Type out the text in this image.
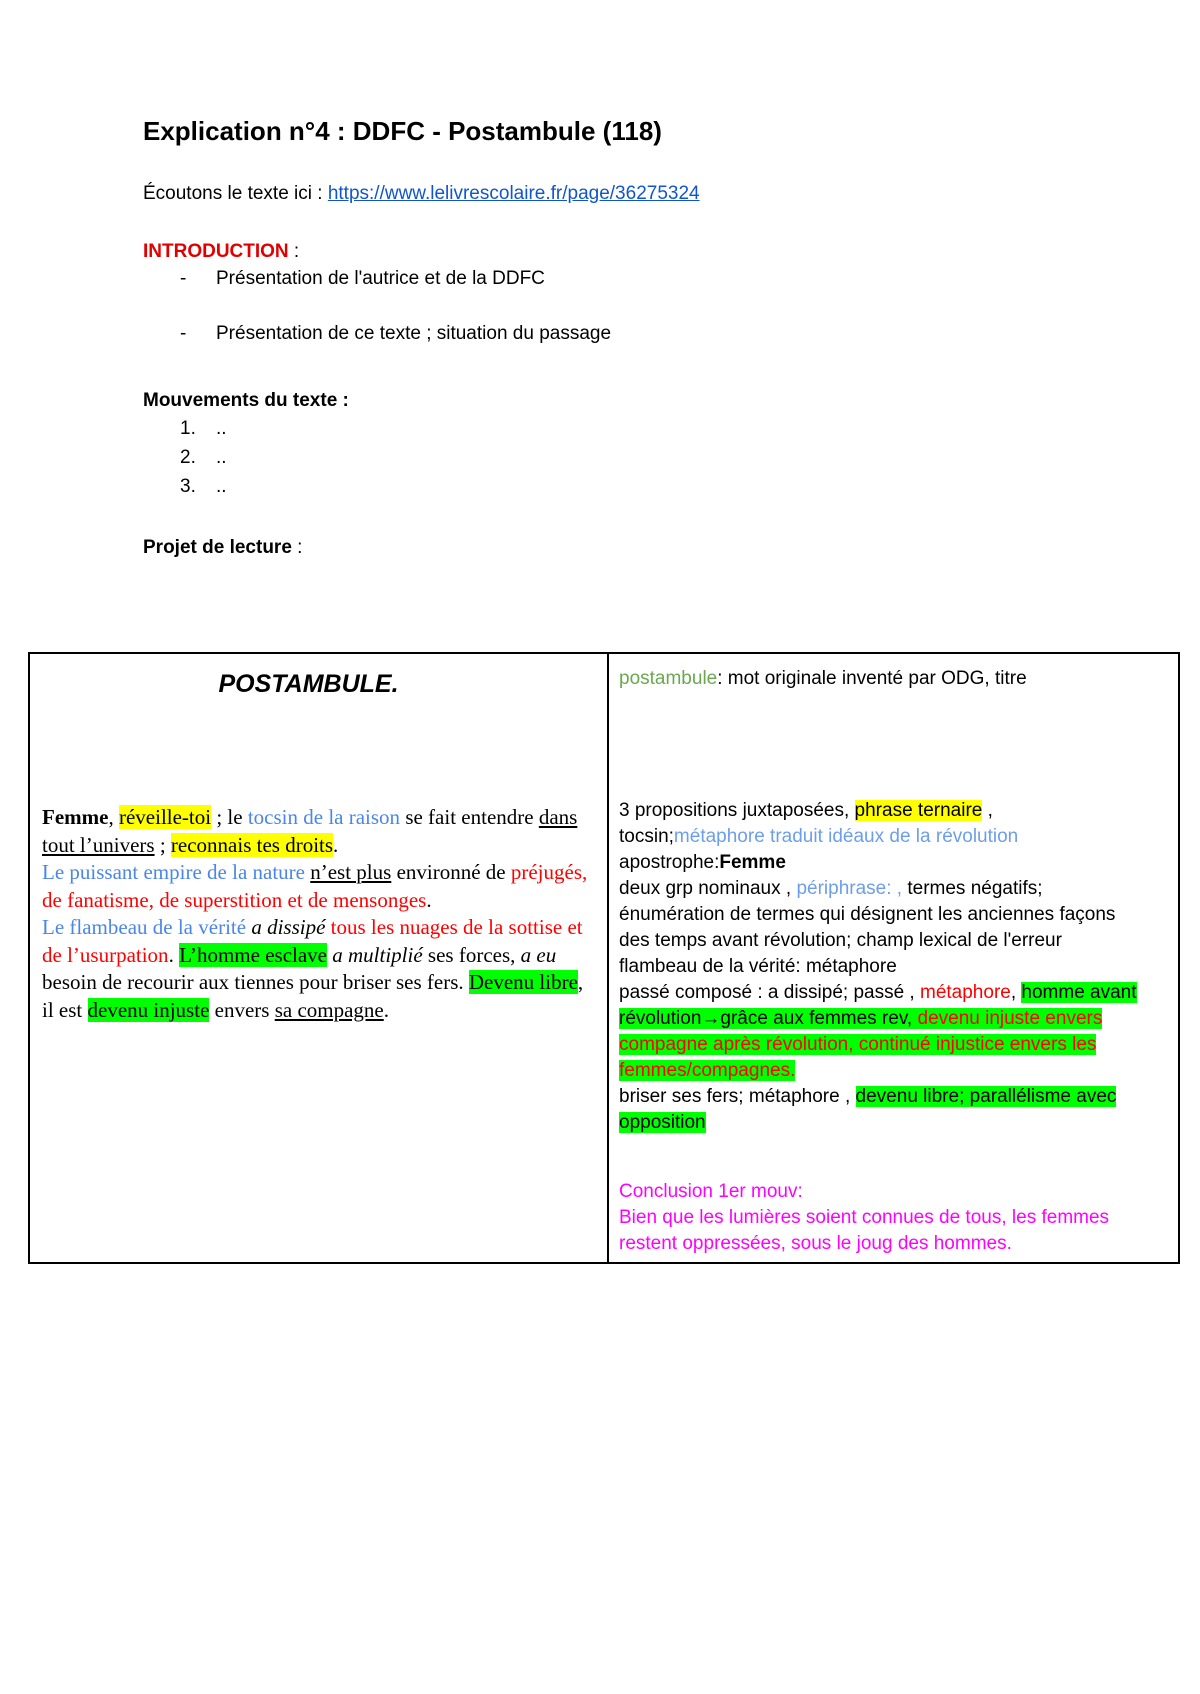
Explication n°4 : DDFC - Postambule (118)
Écoutons le texte ici : https://www.lelivrescolaire.fr/page/36275324
INTRODUCTION :
- Présentation de l'autrice et de la DDFC
- Présentation de ce texte ; situation du passage
Mouvements du texte :
1. ..
2. ..
3. ..
Projet de lecture :

POSTAMBULE.

Femme, réveille-toi ; le tocsin de la raison se fait entendre dans tout l’univers ; reconnais tes droits.
Le puissant empire de la nature n’est plus environné de préjugés, de fanatisme, de superstition et de mensonges.
Le flambeau de la vérité a dissipé tous les nuages de la sottise et de l’usurpation. L’homme esclave a multiplié ses forces, a eu besoin de recourir aux tiennes pour briser ses fers. Devenu libre, il est devenu injuste envers sa compagne.

postambule: mot originale inventé par ODG, titre

3 propositions juxtaposées, phrase ternaire ,
tocsin;métaphore traduit idéaux de la révolution
apostrophe:Femme
deux grp nominaux , périphrase: , termes négatifs;
énumération de termes qui désignent les anciennes façons des temps avant révolution; champ lexical de l'erreur
flambeau de la vérité: métaphore
passé composé : a dissipé; passé , métaphore, homme avant révolution→grâce aux femmes rev, devenu injuste envers compagne après révolution, continué injustice envers les femmes/compagnes.
briser ses fers; métaphore , devenu libre; parallélisme avec opposition
Conclusion 1er mouv:
Bien que les lumières soient connues de tous, les femmes restent oppressées, sous le joug des hommes.
